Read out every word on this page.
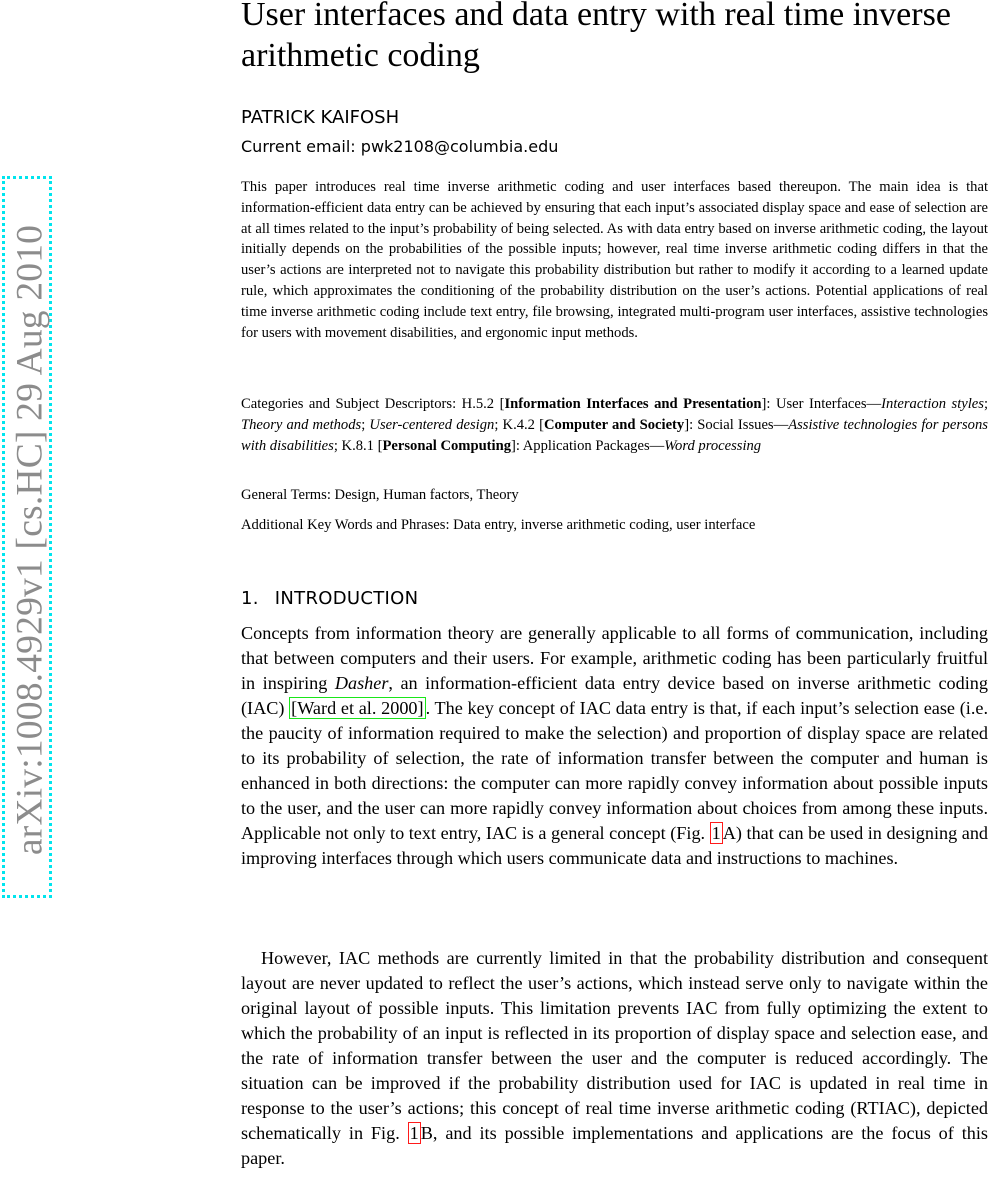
arXiv:1008.4929v1 [cs.HC] 29 Aug 2010
User interfaces and data entry with real time inverse arithmetic coding
PATRICK KAIFOSH
Current email: pwk2108@columbia.edu

This paper introduces real time inverse arithmetic coding and user interfaces based thereupon. The main idea is that information-efficient data entry can be achieved by ensuring that each input’s associated display space and ease of selection are at all times related to the input’s probability of being selected. As with data entry based on inverse arithmetic coding, the layout initially depends on the probabilities of the possible inputs; however, real time inverse arithmetic coding differs in that the user’s actions are interpreted not to navigate this probability distribution but rather to modify it according to a learned update rule, which approximates the conditioning of the probability distribution on the user’s actions. Potential applications of real time inverse arithmetic coding include text entry, file browsing, integrated multi-program user interfaces, assistive technologies for users with movement disabilities, and ergonomic input methods.

Categories and Subject Descriptors: H.5.2 [Information Interfaces and Presentation]: User Interfaces—Interaction styles; Theory and methods; User-centered design; K.4.2 [Computer and Society]: Social Issues—Assistive technologies for persons with disabilities; K.8.1 [Personal Computing]: Application Packages—Word processing

General Terms: Design, Human factors, Theory

Additional Key Words and Phrases: Data entry, inverse arithmetic coding, user interface

1. INTRODUCTION

Concepts from information theory are generally applicable to all forms of communication, including that between computers and their users. For example, arithmetic coding has been particularly fruitful in inspiring Dasher, an information-efficient data entry device based on inverse arithmetic coding (IAC) [Ward et al. 2000] . The key concept of IAC data entry is that, if each input’s selection ease (i.e. the paucity of information required to make the selection) and proportion of display space are related to its probability of selection, the rate of information transfer between the computer and human is enhanced in both directions: the computer can more rapidly convey information about possible inputs to the user, and the user can more rapidly convey information about choices from among these inputs. Applicable not only to text entry, IAC is a general concept (Fig. 1 A) that can be used in designing and improving interfaces through which users communicate data and instructions to machines.

However, IAC methods are currently limited in that the probability distribution and consequent layout are never updated to reflect the user’s actions, which instead serve only to navigate within the original layout of possible inputs. This limitation prevents IAC from fully optimizing the extent to which the probability of an input is reflected in its proportion of display space and selection ease, and the rate of information transfer between the user and the computer is reduced accordingly. The situation can be improved if the probability distribution used for IAC is updated in real time in response to the user’s actions; this concept of real time inverse arithmetic coding (RTIAC), depicted schematically in Fig. 1 B, and its possible implementations and applications are the focus of this paper.
